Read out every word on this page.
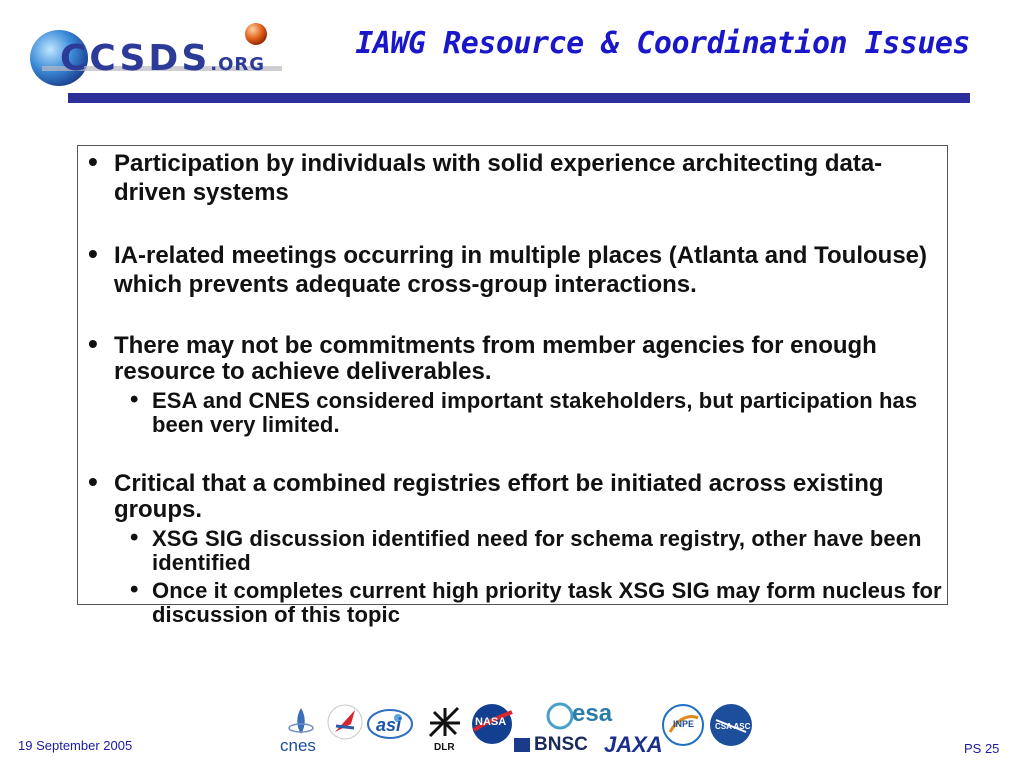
CCSDS.ORG
IAWG Resource & Coordination Issues
• Participation by individuals with solid experience architecting data-driven systems
• IA-related meetings occurring in multiple places (Atlanta and Toulouse) which prevents adequate cross-group interactions.
• There may not be commitments from member agencies for enough resource to achieve deliverables.
• ESA and CNES considered important stakeholders, but participation has been very limited.
• Critical that a combined registries effort be initiated across existing groups.
• XSG SIG discussion identified need for schema registry, other have been identified
• Once it completes current high priority task XSG SIG may form nucleus for discussion of this topic
19 September 2005	PS 25
cnes
asi
DLR
NASA	esa
BNSC JAXA
INPE	CSA ASC
